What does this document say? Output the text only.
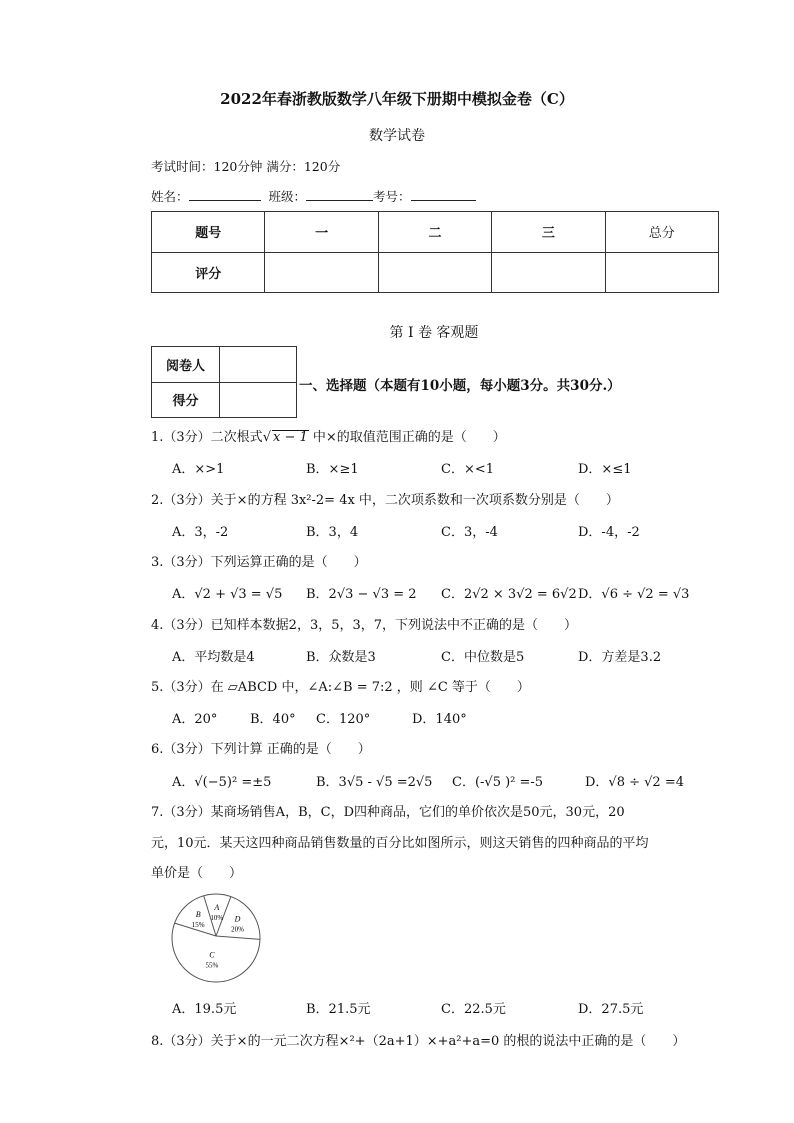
2022年春浙教版数学八年级下册期中模拟金卷（C）
数学试卷
考试时间：120分钟 满分：120分
姓名：	班级：	考号：
题号	一	二	三	总分
评分				
第 I 卷 客观题
阅卷人	
得分	
一、选择题（本题有10小题，每小题3分。共30分.）
1.（3分）二次根式√ x − 1 中×的取值范围正确的是（　　）
A．×>1	B．×≥1	C．×<1	D．×≤1
2.（3分）关于×的方程 3x²-2= 4x 中，二次项系数和一次项系数分别是（　　）
A．3，-2	B．3，4	C．3，-4	D．-4，-2
3.（3分）下列运算正确的是（　　）
A．√2 + √3 = √5 B．2√3 − √3 = 2 C．2√2 × 3√2 = 6√2 D．√6 ÷ √2 = √3
4.（3分）已知样本数据2，3，5，3，7，下列说法中不正确的是（　　）
A．平均数是4	B．众数是3	C．中位数是5	D．方差是3.2
5.（3分）在 ▱ABCD 中，∠A:∠B = 7:2 ，则 ∠C 等于（　　）
A．20°	B．40° C．120°	D．140°
6.（3分）下列计算 正确的是（　　）
A．√(−5)² =±5	B．3√5 - √5 =2√5 C．(-√5 )² =-5	D．√8 ÷ √2 =4
7.（3分）某商场销售A，B，C，D四种商品，它们的单价依次是50元，30元，20
元，10元．某天这四种商品销售数量的百分比如图所示，则这天销售的四种商品的平均
单价是（　　）
A
10% D
20%
C
55%
B
15%
A．19.5元	B．21.5元	C．22.5元	D．27.5元
8.（3分）关于×的一元二次方程×²+（2a+1）×+a²+a=0 的根的说法中正确的是（　　）
